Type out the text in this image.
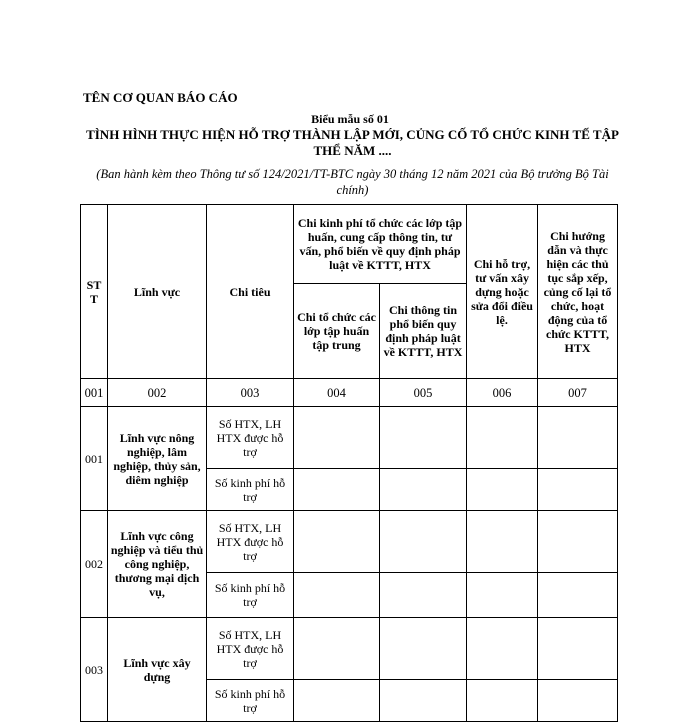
TÊN CƠ QUAN BÁO CÁO
Biểu mẫu số 01
TÌNH HÌNH THỰC HIỆN HỖ TRỢ THÀNH LẬP MỚI, CỦNG CỐ TỔ CHỨC KINH TẾ TẬP THỂ NĂM ....
(Ban hành kèm theo Thông tư số 124/2021/TT-BTC ngày 30 tháng 12 năm 2021 của Bộ trưởng Bộ Tài chính)
STT	Lĩnh vực	Chi tiêu	Chi kinh phí tổ chức các lớp tập huấn, cung cấp thông tin, tư vấn, phổ biến về quy định pháp luật về KTTT, HTX		Chi hỗ trợ, tư vấn xây dựng hoặc sửa đổi điều lệ.	Chi hướng dẫn và thực hiện các thủ tục sắp xếp, củng cố lại tổ chức, hoạt động của tổ chức KTTT, HTX
			Chi tổ chức các lớp tập huấn tập trung	Chi thông tin phổ biến quy định pháp luật về KTTT, HTX		
001	002	003	004	005	006	007
001	Lĩnh vực nông nghiệp, lâm nghiệp, thủy sản, diêm nghiệp	Số HTX, LH HTX được hỗ trợ				
		Số kinh phí hỗ trợ				
002	Lĩnh vực công nghiệp và tiểu thủ công nghiệp, thương mại dịch vụ,	Số HTX, LH HTX được hỗ trợ				
		Số kinh phí hỗ trợ				
003	Lĩnh vực xây dựng	Số HTX, LH HTX được hỗ trợ				
		Số kinh phí hỗ trợ				
